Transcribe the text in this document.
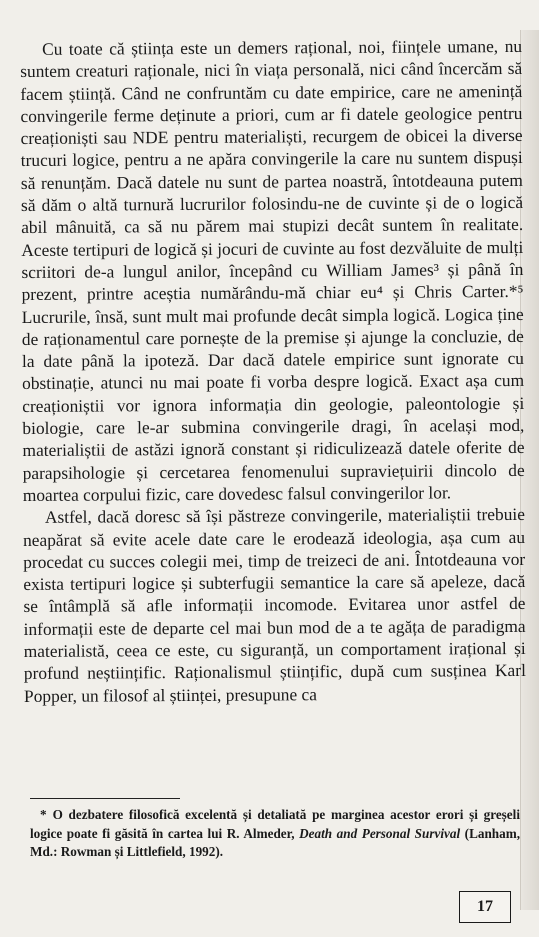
Cu toate că știința este un demers rațional, noi, ființele umane, nu suntem creaturi raționale, nici în viața personală, nici când încercăm să facem știință. Când ne confruntăm cu date empirice, care ne amenință convingerile ferme deținute a priori, cum ar fi datele geologice pentru creaționiști sau NDE pentru materialiști, recurgem de obicei la diverse trucuri logice, pentru a ne apăra convingerile la care nu suntem dispuși să renunțăm. Dacă datele nu sunt de partea noastră, întotdeauna putem să dăm o altă turnură lucrurilor folosindu-ne de cuvinte și de o logică abil mânuită, ca să nu părem mai stupizi decât suntem în realitate. Aceste tertipuri de logică și jocuri de cuvinte au fost dezvăluite de mulți scriitori de-a lungul anilor, începând cu William James³ și până în prezent, printre aceștia numărându-mă chiar eu⁴ și Chris Carter.*⁵ Lucrurile, însă, sunt mult mai profunde decât simpla logică. Logica ține de raționamentul care pornește de la premise și ajunge la concluzie, de la date până la ipoteză. Dar dacă datele empirice sunt ignorate cu obstinație, atunci nu mai poate fi vorba despre logică. Exact așa cum creaționiștii vor ignora informația din geologie, paleontologie și biologie, care le-ar submina convingerile dragi, în același mod, materialiștii de astăzi ignoră constant și ridiculizează datele oferite de parapsihologie și cercetarea fenomenului supraviețuirii dincolo de moartea corpului fizic, care dovedesc falsul convingerilor lor.

Astfel, dacă doresc să își păstreze convingerile, materialiștii trebuie neapărat să evite acele date care le erodează ideologia, așa cum au procedat cu succes colegii mei, timp de treizeci de ani. Întotdeauna vor exista tertipuri logice și subterfugii semantice la care să apeleze, dacă se întâmplă să afle informații incomode. Evitarea unor astfel de informații este de departe cel mai bun mod de a te agăța de paradigma materialistă, ceea ce este, cu siguranță, un comportament irațional și profund neștiințific. Raționalismul științific, după cum susținea Karl Popper, un filosof al științei, presupune ca

* O dezbatere filosofică excelentă și detaliată pe marginea acestor erori și greșeli logice poate fi găsită în cartea lui R. Almeder, Death and Personal Survival (Lanham, Md.: Rowman și Littlefield, 1992).
17
